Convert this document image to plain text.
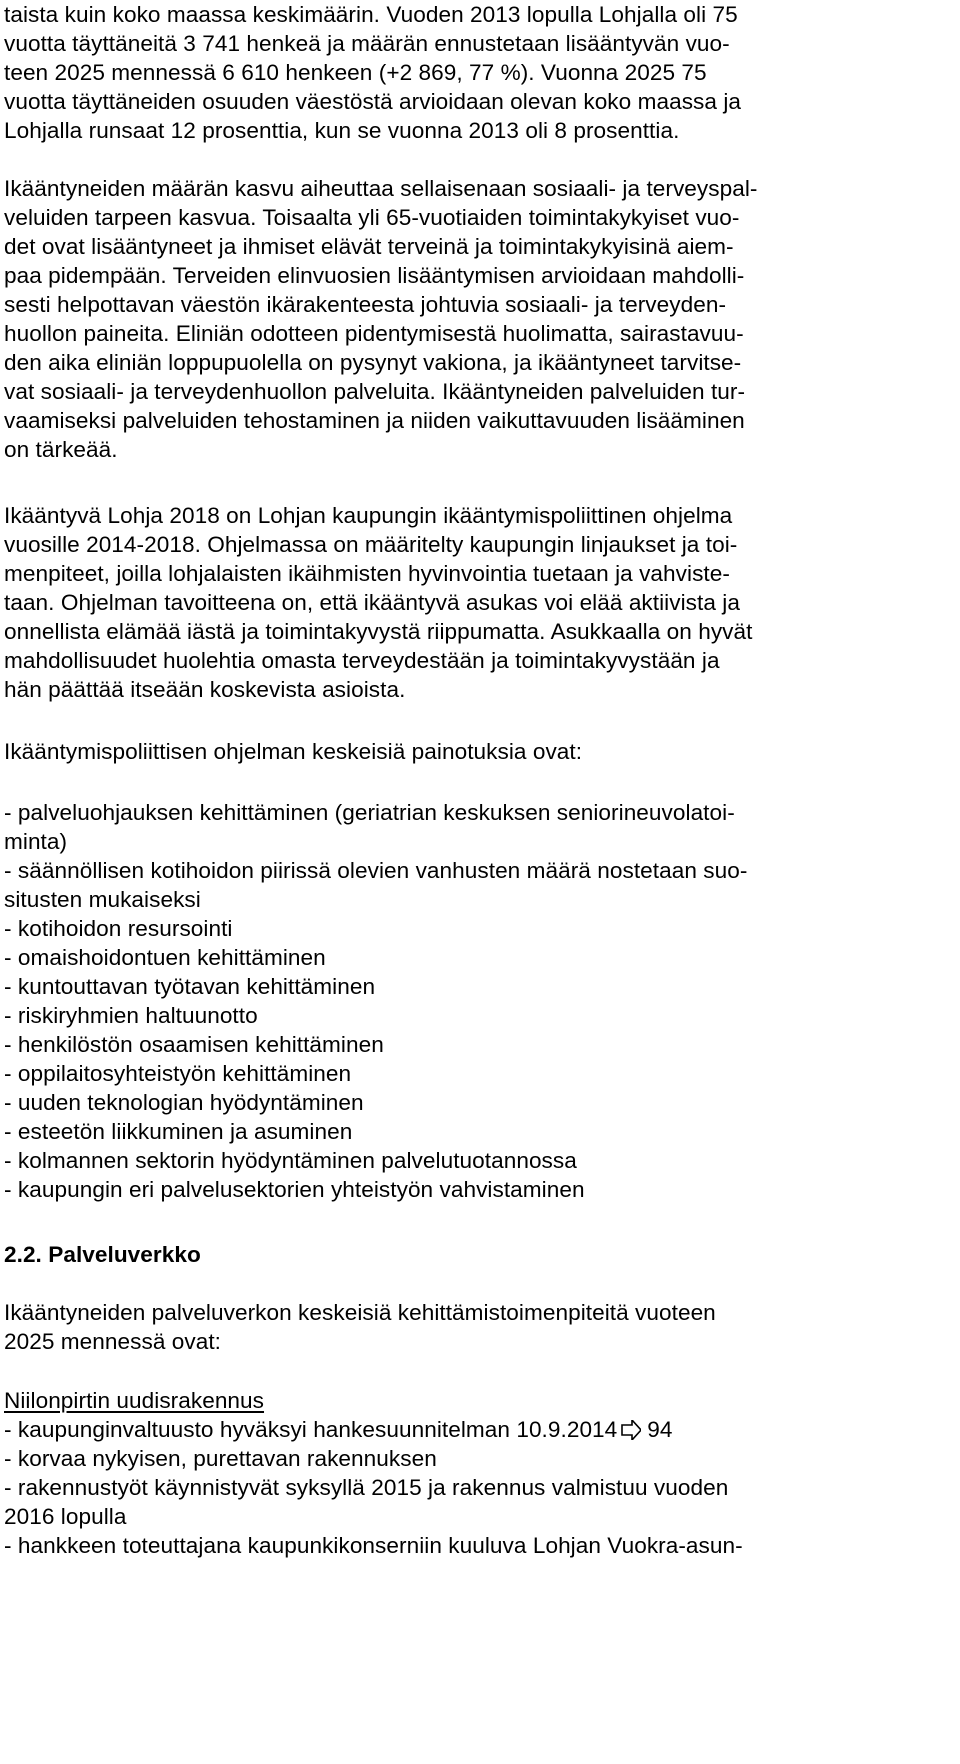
taista kuin koko maassa keskimäärin. Vuoden 2013 lopulla Lohjalla oli 75
vuotta täyttäneitä 3 741 henkeä ja määrän ennustetaan lisääntyvän vuo-
teen 2025 mennessä 6 610 henkeen (+2 869, 77 %). Vuonna 2025 75
vuotta täyttäneiden osuuden väestöstä arvioidaan olevan koko maassa ja
Lohjalla runsaat 12 prosenttia, kun se vuonna 2013 oli 8 prosenttia.
Ikääntyneiden määrän kasvu aiheuttaa sellaisenaan sosiaali- ja terveyspal-
veluiden tarpeen kasvua. Toisaalta yli 65-vuotiaiden toimintakykyiset vuo-
det ovat lisääntyneet ja ihmiset elävät terveinä ja toimintakykyisinä aiem-
paa pidempään. Terveiden elinvuosien lisääntymisen arvioidaan mahdolli-
sesti helpottavan väestön ikärakenteesta johtuvia sosiaali- ja terveyden-
huollon paineita. Eliniän odotteen pidentymisestä huolimatta, sairastavuu-
den aika eliniän loppupuolella on pysynyt vakiona, ja ikääntyneet tarvitse-
vat sosiaali- ja terveydenhuollon palveluita. Ikääntyneiden palveluiden tur-
vaamiseksi palveluiden tehostaminen ja niiden vaikuttavuuden lisääminen
on tärkeää.
Ikääntyvä Lohja 2018 on Lohjan kaupungin ikääntymispoliittinen ohjelma
vuosille 2014-2018. Ohjelmassa on määritelty kaupungin linjaukset ja toi-
menpiteet, joilla lohjalaisten ikäihmisten hyvinvointia tuetaan ja vahviste-
taan. Ohjelman tavoitteena on, että ikääntyvä asukas voi elää aktiivista ja
onnellista elämää iästä ja toimintakyvystä riippumatta. Asukkaalla on hyvät
mahdollisuudet huolehtia omasta terveydestään ja toimintakyvystään ja
hän päättää itseään koskevista asioista.
Ikääntymispoliittisen ohjelman keskeisiä painotuksia ovat:
- palveluohjauksen kehittäminen (geriatrian keskuksen seniorineuvolatoi-
minta)
- säännöllisen kotihoidon piirissä olevien vanhusten määrä nostetaan suo-
situsten mukaiseksi
- kotihoidon resursointi
- omaishoidontuen kehittäminen
- kuntouttavan työtavan kehittäminen
- riskiryhmien haltuunotto
- henkilöstön osaamisen kehittäminen
- oppilaitosyhteistyön kehittäminen
- uuden teknologian hyödyntäminen
- esteetön liikkuminen ja asuminen
- kolmannen sektorin hyödyntäminen palvelutuotannossa
- kaupungin eri palvelusektorien yhteistyön vahvistaminen
2.2. Palveluverkko
Ikääntyneiden palveluverkon keskeisiä kehittämistoimenpiteitä vuoteen
2025 mennessä ovat:
Niilonpirtin uudisrakennus
- kaupunginvaltuusto hyväksyi hankesuunnitelman 10.9.2014 94
- korvaa nykyisen, purettavan rakennuksen
- rakennustyöt käynnistyvät syksyllä 2015 ja rakennus valmistuu vuoden
2016 lopulla
- hankkeen toteuttajana kaupunkikonserniin kuuluva Lohjan Vuokra-asun-
